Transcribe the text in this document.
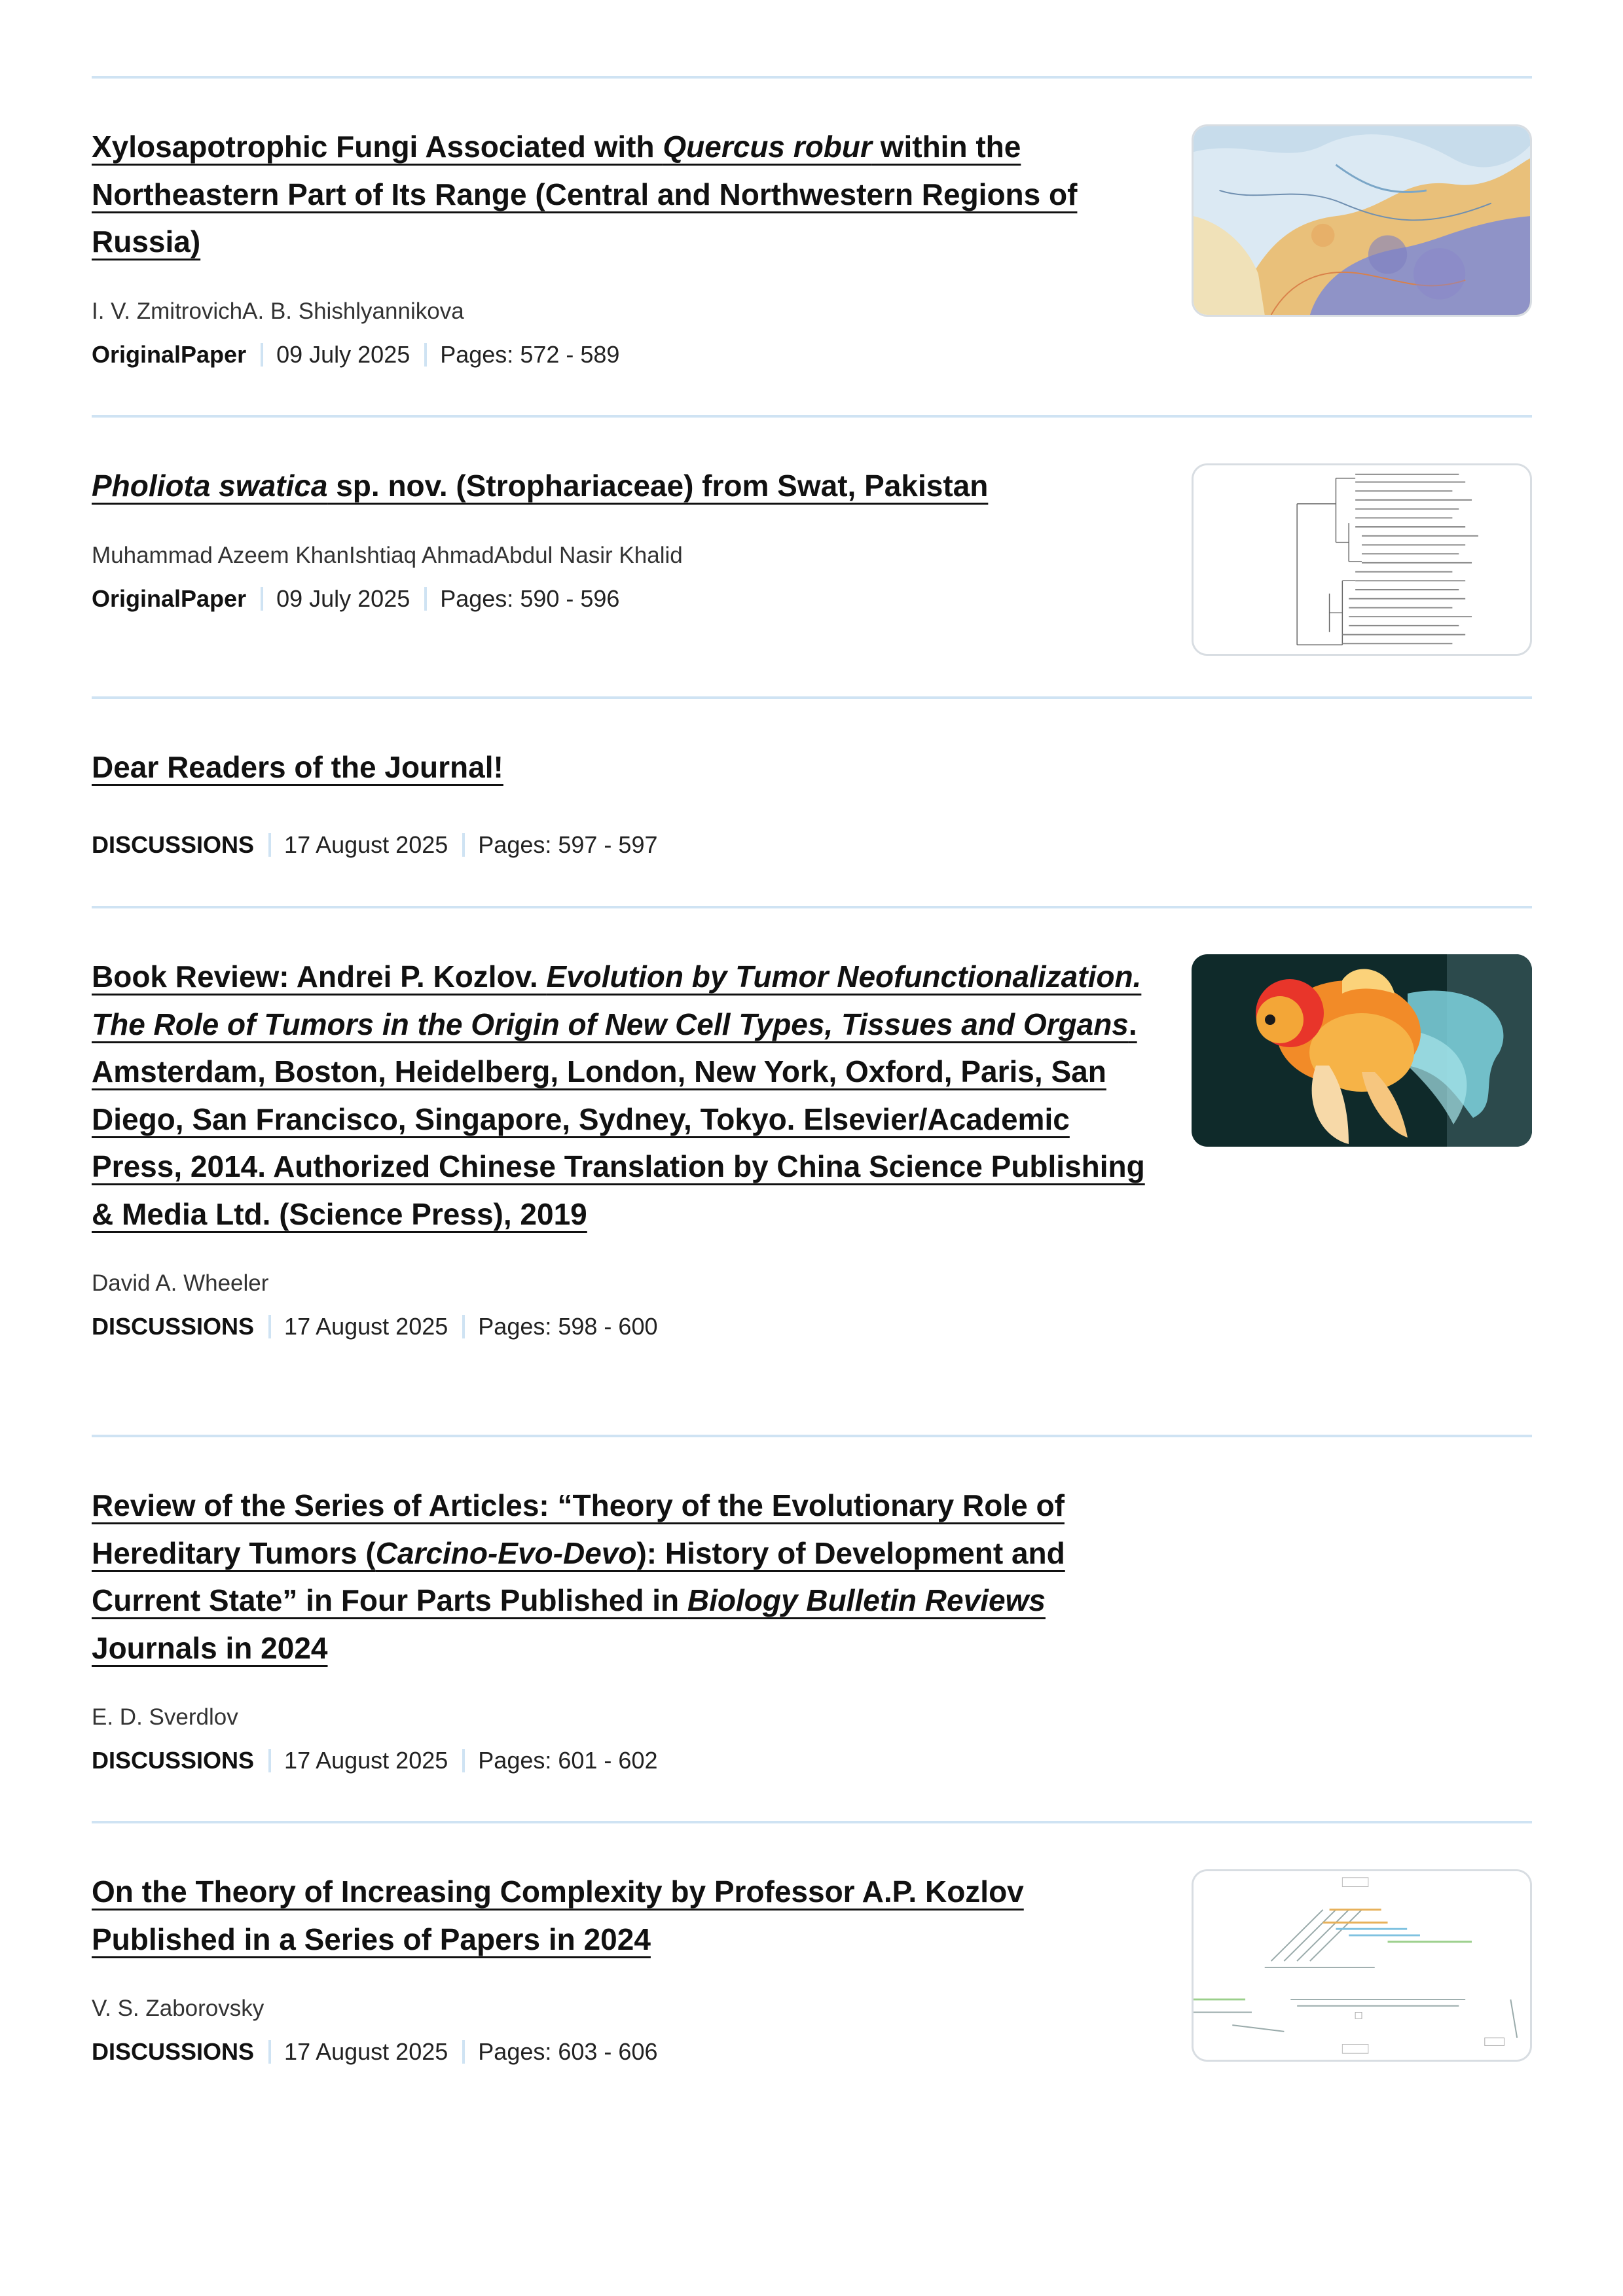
Xylosapotrophic Fungi Associated with Quercus robur within the Northeastern Part of Its Range (Central and Northwestern Regions of Russia)
I. V. ZmitrovichA. B. Shishlyannikova
OriginalPaper 09 July 2025 Pages: 572 - 589
Pholiota swatica sp. nov. (Strophariaceae) from Swat, Pakistan
Muhammad Azeem KhanIshtiaq AhmadAbdul Nasir Khalid
OriginalPaper 09 July 2025 Pages: 590 - 596
Dear Readers of the Journal!
DISCUSSIONS 17 August 2025 Pages: 597 - 597
Book Review: Andrei P. Kozlov. Evolution by Tumor Neofunctionalization. The Role of Tumors in the Origin of New Cell Types, Tissues and Organs. Amsterdam, Boston, Heidelberg, London, New York, Oxford, Paris, San Diego, San Francisco, Singapore, Sydney, Tokyo. Elsevier/Academic Press, 2014. Authorized Chinese Translation by China Science Publishing & Media Ltd. (Science Press), 2019
David A. Wheeler
DISCUSSIONS 17 August 2025 Pages: 598 - 600
Review of the Series of Articles: “Theory of the Evolutionary Role of Hereditary Tumors (Carcino-Evo-Devo): History of Development and Current State” in Four Parts Published in Biology Bulletin Reviews Journals in 2024
E. D. Sverdlov
DISCUSSIONS 17 August 2025 Pages: 601 - 602
On the Theory of Increasing Complexity by Professor A.P. Kozlov Published in a Series of Papers in 2024
V. S. Zaborovsky
DISCUSSIONS 17 August 2025 Pages: 603 - 606
